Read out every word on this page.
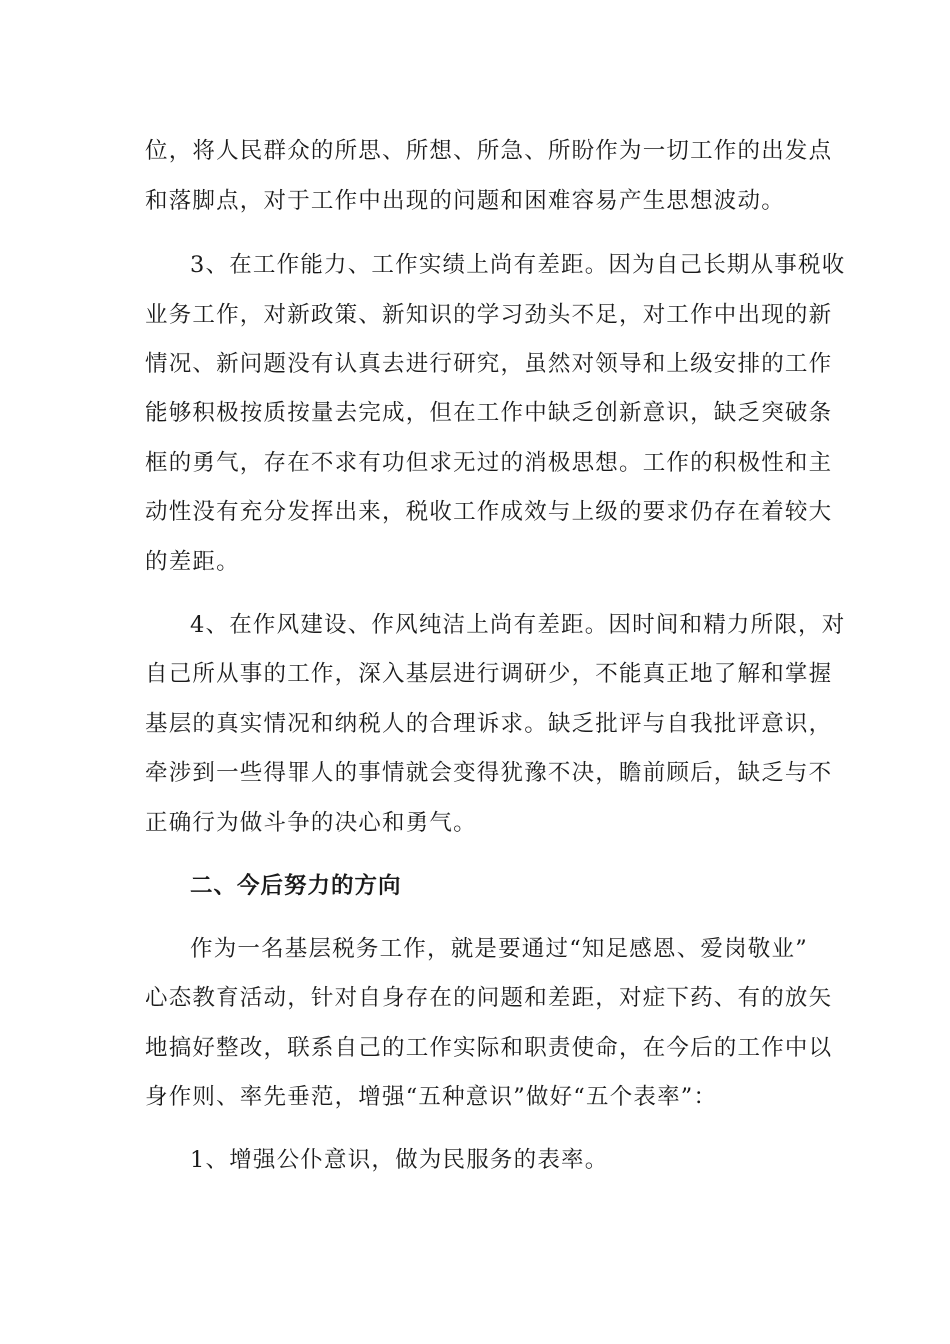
位，将人民群众的所思、所想、所急、所盼作为一切工作的出发点
和落脚点，对于工作中出现的问题和困难容易产生思想波动。
3、在工作能力、工作实绩上尚有差距。因为自己长期从事税收
业务工作，对新政策、新知识的学习劲头不足，对工作中出现的新
情况、新问题没有认真去进行研究，虽然对领导和上级安排的工作
能够积极按质按量去完成，但在工作中缺乏创新意识，缺乏突破条
框的勇气，存在不求有功但求无过的消极思想。工作的积极性和主
动性没有充分发挥出来，税收工作成效与上级的要求仍存在着较大
的差距。
4、在作风建设、作风纯洁上尚有差距。因时间和精力所限，对
自己所从事的工作，深入基层进行调研少，不能真正地了解和掌握
基层的真实情况和纳税人的合理诉求。缺乏批评与自我批评意识，
牵涉到一些得罪人的事情就会变得犹豫不决，瞻前顾后，缺乏与不
正确行为做斗争的决心和勇气。
二、今后努力的方向
作为一名基层税务工作，就是要通过“知足感恩、爱岗敬业”
心态教育活动，针对自身存在的问题和差距，对症下药、有的放矢
地搞好整改，联系自己的工作实际和职责使命，在今后的工作中以
身作则、率先垂范，增强“五种意识”做好“五个表率”：
1、增强公仆意识，做为民服务的表率。
